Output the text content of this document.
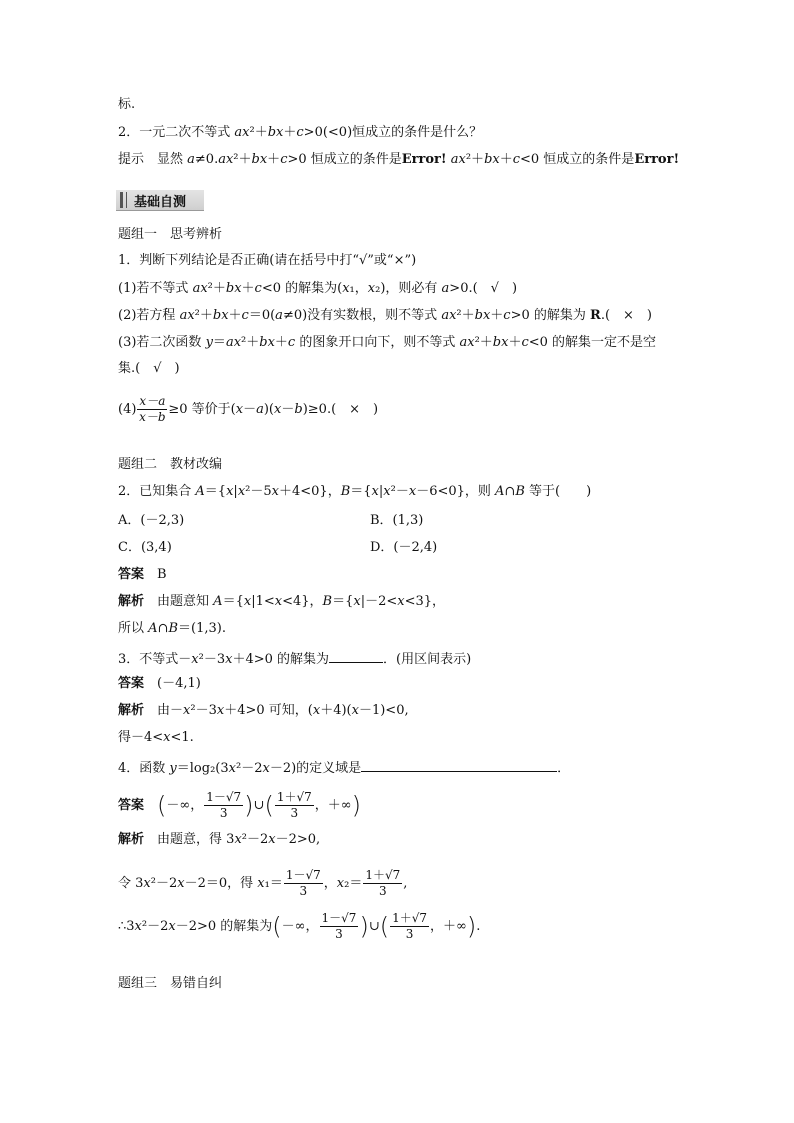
标.
2．一元二次不等式 ax²＋bx＋c>0(<0)恒成立的条件是什么？
提示　显然 a≠0.ax²＋bx＋c>0 恒成立的条件是Error! ax²＋bx＋c<0 恒成立的条件是Error!
基础自测
题组一　思考辨析
1．判断下列结论是否正确(请在括号中打“√”或“×”)
(1)若不等式 ax²＋bx＋c<0 的解集为(x₁，x₂)，则必有 a>0.(　√　)
(2)若方程 ax²＋bx＋c＝0(a≠0)没有实数根，则不等式 ax²＋bx＋c>0 的解集为 R.(　×　)
(3)若二次函数 y＝ax²＋bx＋c 的图象开口向下，则不等式 ax²＋bx＋c<0 的解集一定不是空
集.(　√　)
$(4) \frac{x-a}{x-b} \ge 0$ 等价于(x－a)(x－b)≥0.(　×　)
题组二　教材改编
2．已知集合 A＝{x|x²－5x＋4<0}，B＝{x|x²－x－6<0}，则 A∩B 等于(　　)
A．(－2,3)	B．(1,3)
C．(3,4)	D．(－2,4)
答案　 B
解析　 由题意知 A＝{x|1<x<4}，B＝{x|－2<x<3}，
所以 A∩B＝(1,3).
3．不等式－x²－3x＋4>0 的解集为	．(用区间表示)
答案　 (－4,1)
解析　 由－x²－3x＋4>0 可知，(x＋4)(x－1)<0,
得－4<x<1.
4．函数 y＝log₂(3x²－2x－2)的定义域是	．
答案　 (－∞， $\frac{1-√7}{3}$ )∪( $\frac{1+√7}{3}$ ，＋∞)
解析　 由题意，得 3x²－2x－2>0,
令 3x²－2x－2＝0，得 $x_1= \frac{1-√7}{3}$ ，$x_2= \frac{1+√7}{3}$ ,
∴3x²－2x－2>0 的解集为(－∞， $\frac{1-√7}{3}$ )∪( $\frac{1+√7}{3}$ ，＋∞).
题组三　易错自纠
